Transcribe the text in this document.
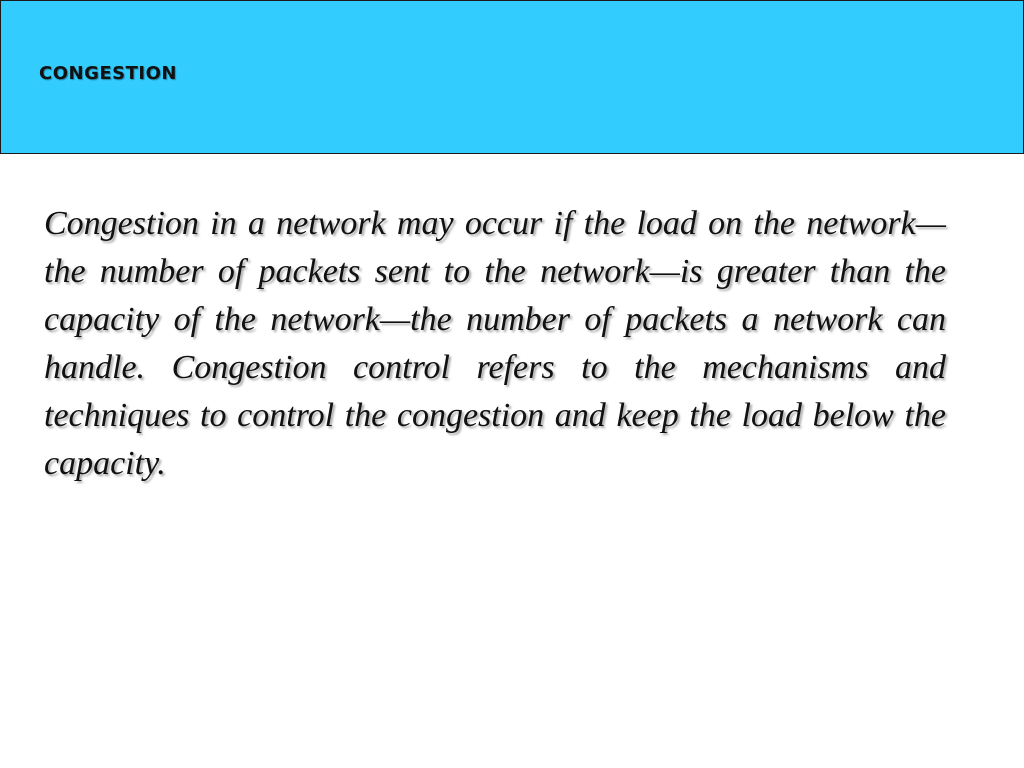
congestion

Congestion in a network may occur if the load on the network—the number of packets sent to the network—is greater than the capacity of the network—the number of packets a network can handle. Congestion control refers to the mechanisms and techniques to control the congestion and keep the load below the capacity.
